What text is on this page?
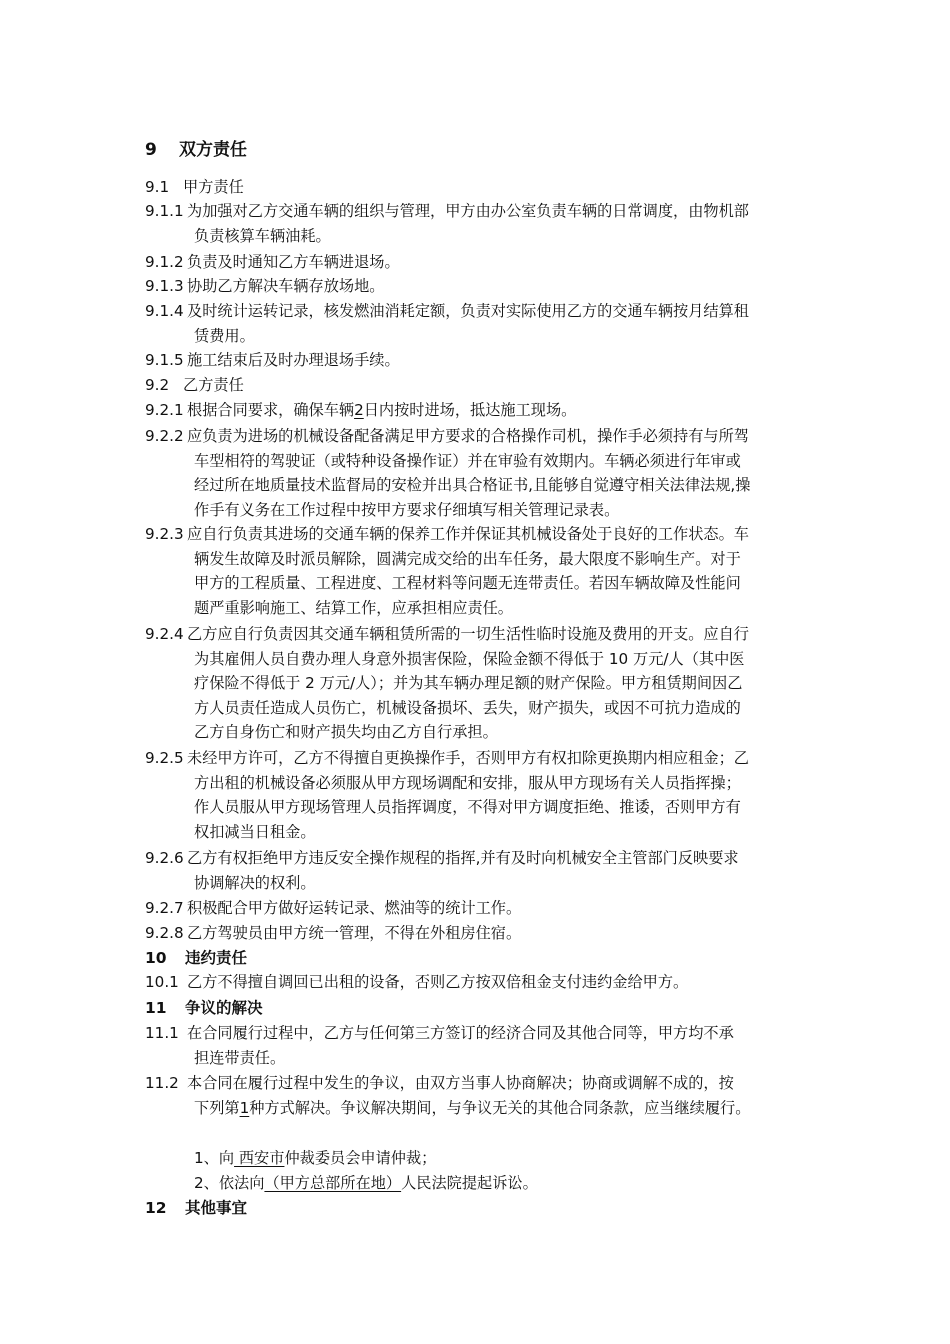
9 双方责任
9.1 甲方责任
9.1.1 为加强对乙方交通车辆的组织与管理，甲方由办公室负责车辆的日常调度，由物机部
负责核算车辆油耗。
9.1.2 负责及时通知乙方车辆进退场。
9.1.3 协助乙方解决车辆存放场地。
9.1.4 及时统计运转记录，核发燃油消耗定额，负责对实际使用乙方的交通车辆按月结算租
赁费用。
9.1.5 施工结束后及时办理退场手续。
9.2 乙方责任
9.2.1 根据合同要求，确保车辆2日内按时进场，抵达施工现场。
9.2.2 应负责为进场的机械设备配备满足甲方要求的合格操作司机，操作手必须持有与所驾
车型相符的驾驶证（或特种设备操作证）并在审验有效期内。车辆必须进行年审或
经过所在地质量技术监督局的安检并出具合格证书,且能够自觉遵守相关法律法规,操
作手有义务在工作过程中按甲方要求仔细填写相关管理记录表。
9.2.3 应自行负责其进场的交通车辆的保养工作并保证其机械设备处于良好的工作状态。车
辆发生故障及时派员解除，圆满完成交给的出车任务，最大限度不影响生产。对于
甲方的工程质量、工程进度、工程材料等问题无连带责任。若因车辆故障及性能问
题严重影响施工、结算工作，应承担相应责任。
9.2.4 乙方应自行负责因其交通车辆租赁所需的一切生活性临时设施及费用的开支。应自行
为其雇佣人员自费办理人身意外损害保险，保险金额不得低于 10 万元/人（其中医
疗保险不得低于 2 万元/人）；并为其车辆办理足额的财产保险。甲方租赁期间因乙
方人员责任造成人员伤亡，机械设备损坏、丢失，财产损失，或因不可抗力造成的
乙方自身伤亡和财产损失均由乙方自行承担。
9.2.5 未经甲方许可，乙方不得擅自更换操作手，否则甲方有权扣除更换期内相应租金；乙
方出租的机械设备必须服从甲方现场调配和安排，服从甲方现场有关人员指挥操；
作人员服从甲方现场管理人员指挥调度，不得对甲方调度拒绝、推诿，否则甲方有
权扣减当日租金。
9.2.6 乙方有权拒绝甲方违反安全操作规程的指挥,并有及时向机械安全主管部门反映要求
协调解决的权利。
9.2.7 积极配合甲方做好运转记录、燃油等的统计工作。
9.2.8 乙方驾驶员由甲方统一管理，不得在外租房住宿。
10 违约责任
10.1 乙方不得擅自调回已出租的设备，否则乙方按双倍租金支付违约金给甲方。
11 争议的解决
11.1 在合同履行过程中，乙方与任何第三方签订的经济合同及其他合同等，甲方均不承
担连带责任。
11.2 本合同在履行过程中发生的争议，由双方当事人协商解决；协商或调解不成的，按
下列第1种方式解决。争议解决期间，与争议无关的其他合同条款，应当继续履行。
1、向 西安市仲裁委员会申请仲裁；
2、依法向（甲方总部所在地）人民法院提起诉讼。
12 其他事宜
